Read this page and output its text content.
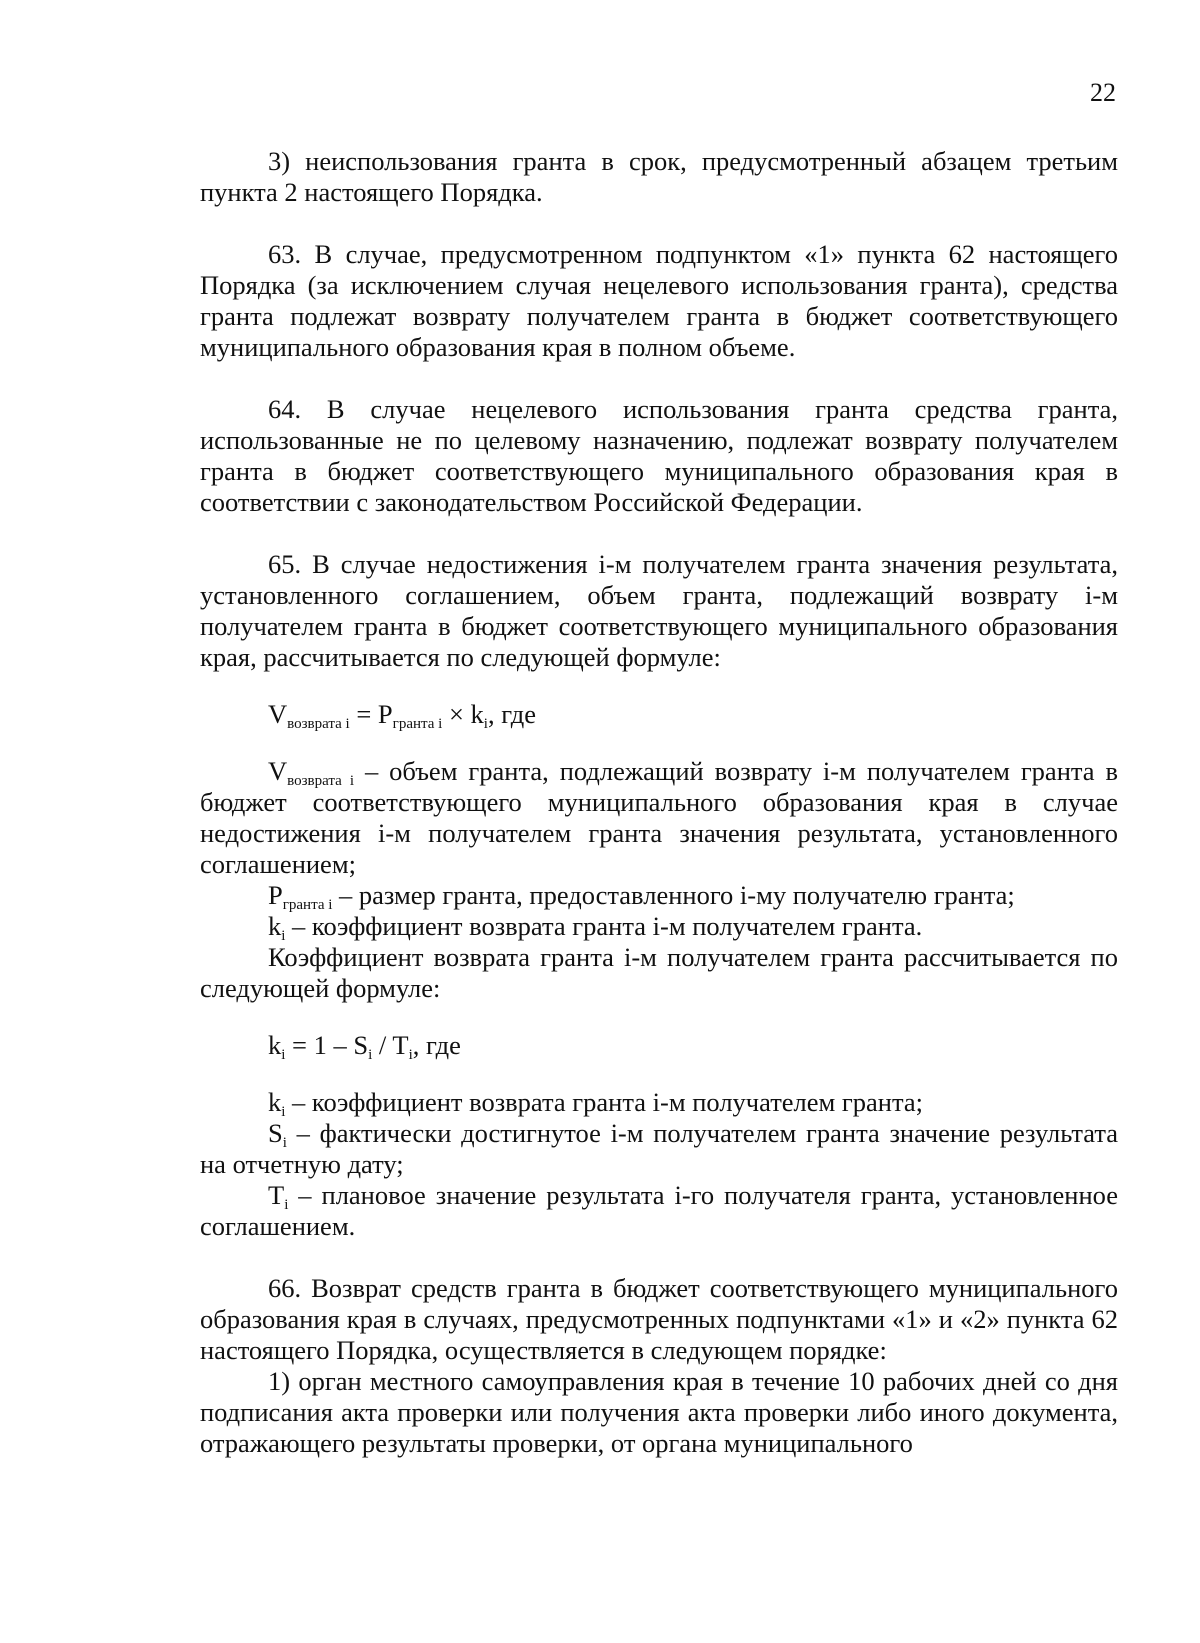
22

3) неиспользования гранта в срок, предусмотренный абзацем третьим пункта 2 настоящего Порядка.

63. В случае, предусмотренном подпунктом «1» пункта 62 настоящего Порядка (за исключением случая нецелевого использования гранта), средства гранта подлежат возврату получателем гранта в бюджет соответствующего муниципального образования края в полном объеме.

64. В случае нецелевого использования гранта средства гранта, использованные не по целевому назначению, подлежат возврату получателем гранта в бюджет соответствующего муниципального образования края в соответствии с законодательством Российской Федерации.

65. В случае недостижения i-м получателем гранта значения результата, установленного соглашением, объем гранта, подлежащий возврату i-м получателем гранта в бюджет соответствующего муниципального образования края, рассчитывается по следующей формуле:

$V_{возврата i} = P_{гранта i} \times k_i$, где

$V_{возврата i}$ – объем гранта, подлежащий возврату i-м получателем гранта в бюджет соответствующего муниципального образования края в случае недостижения i-м получателем гранта значения результата, установленного соглашением;

$P_{гранта i}$ – размер гранта, предоставленного i-му получателю гранта;

$k_i$ – коэффициент возврата гранта i-м получателем гранта.

Коэффициент возврата гранта i-м получателем гранта рассчитывается по следующей формуле:

$k_i = 1 - S_i / T_i$, где

$k_i$ – коэффициент возврата гранта i-м получателем гранта;

$S_i$ – фактически достигнутое i-м получателем гранта значение результата на отчетную дату;

$T_i$ – плановое значение результата i-го получателя гранта, установленное соглашением.

66. Возврат средств гранта в бюджет соответствующего муниципального образования края в случаях, предусмотренных подпунктами «1» и «2» пункта 62 настоящего Порядка, осуществляется в следующем порядке:

1) орган местного самоуправления края в течение 10 рабочих дней со дня подписания акта проверки или получения акта проверки либо иного документа, отражающего результаты проверки, от органа муниципального
